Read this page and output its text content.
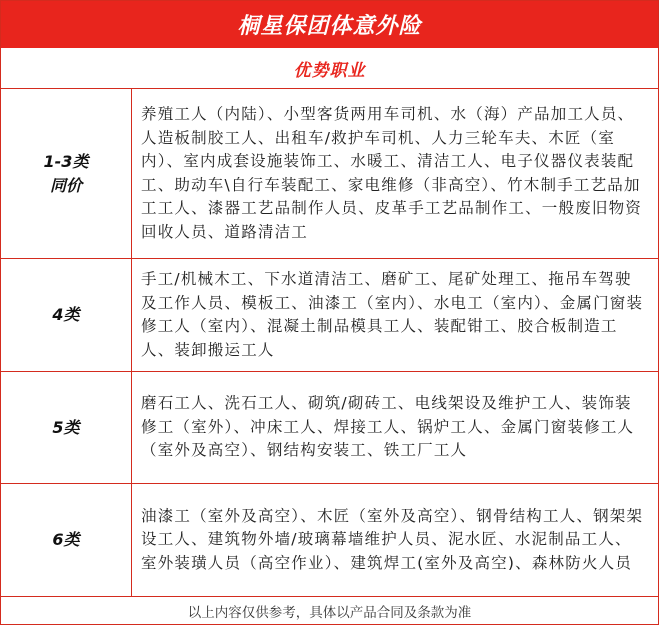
桐星保团体意外险
优势职业
1-3类
同价
养殖工人（内陆）、小型客货两用车司机、水（海）产品加工人员、人造板制胶工人、出租车/救护车司机、人力三轮车夫、木匠（室内）、室内成套设施装饰工、水暖工、清洁工人、电子仪器仪表装配工、助动车\自行车装配工、家电维修（非高空）、竹木制手工艺品加工工人、漆器工艺品制作人员、皮革手工艺品制作工、一般废旧物资回收人员、道路清洁工
4类
手工/机械木工、下水道清洁工、磨矿工、尾矿处理工、拖吊车驾驶及工作人员、模板工、油漆工（室内）、水电工（室内）、金属门窗装修工人（室内）、混凝土制品模具工人、装配钳工、胶合板制造工人、装卸搬运工人
5类
磨石工人、洗石工人、砌筑/砌砖工、电线架设及维护工人、装饰装修工（室外）、冲床工人、焊接工人、锅炉工人、金属门窗装修工人（室外及高空）、钢结构安装工、铁工厂工人
6类
油漆工（室外及高空）、木匠（室外及高空）、钢骨结构工人、钢架架设工人、建筑物外墙/玻璃幕墙维护人员、泥水匠、水泥制品工人、室外装璜人员（高空作业）、建筑焊工(室外及高空)、森林防火人员
以上内容仅供参考，具体以产品合同及条款为准
